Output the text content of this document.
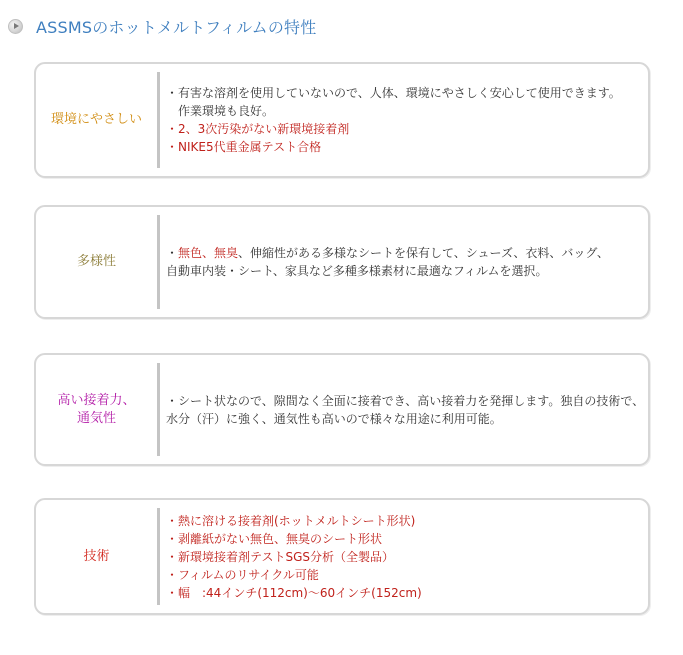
ASSMSのホットメルトフィルムの特性
環境にやさしい
・有害な溶剤を使用していないので、人体、環境にやさしく安心して使用できます。
作業環境も良好。
・2、3次汚染がない新環境接着剤
・NIKE5代重金属テスト合格
多様性
・無色、無臭、伸縮性がある多様なシートを保有して、シューズ、衣料、バッグ、
自動車内装・シート、家具など多種多様素材に最適なフィルムを選択。
高い接着力、
通気性
・シート状なので、隙間なく全面に接着でき、高い接着力を発揮します。独自の技術で、
水分（汗）に強く、通気性も高いので様々な用途に利用可能。
技術
・熱に溶ける接着剤(ホットメルトシート形状)
・剥離紙がない無色、無臭のシート形状
・新環境接着剤テストSGS分析（全製品）
・フィルムのリサイクル可能
・幅　:44インチ(112cm)～60インチ(152cm)
